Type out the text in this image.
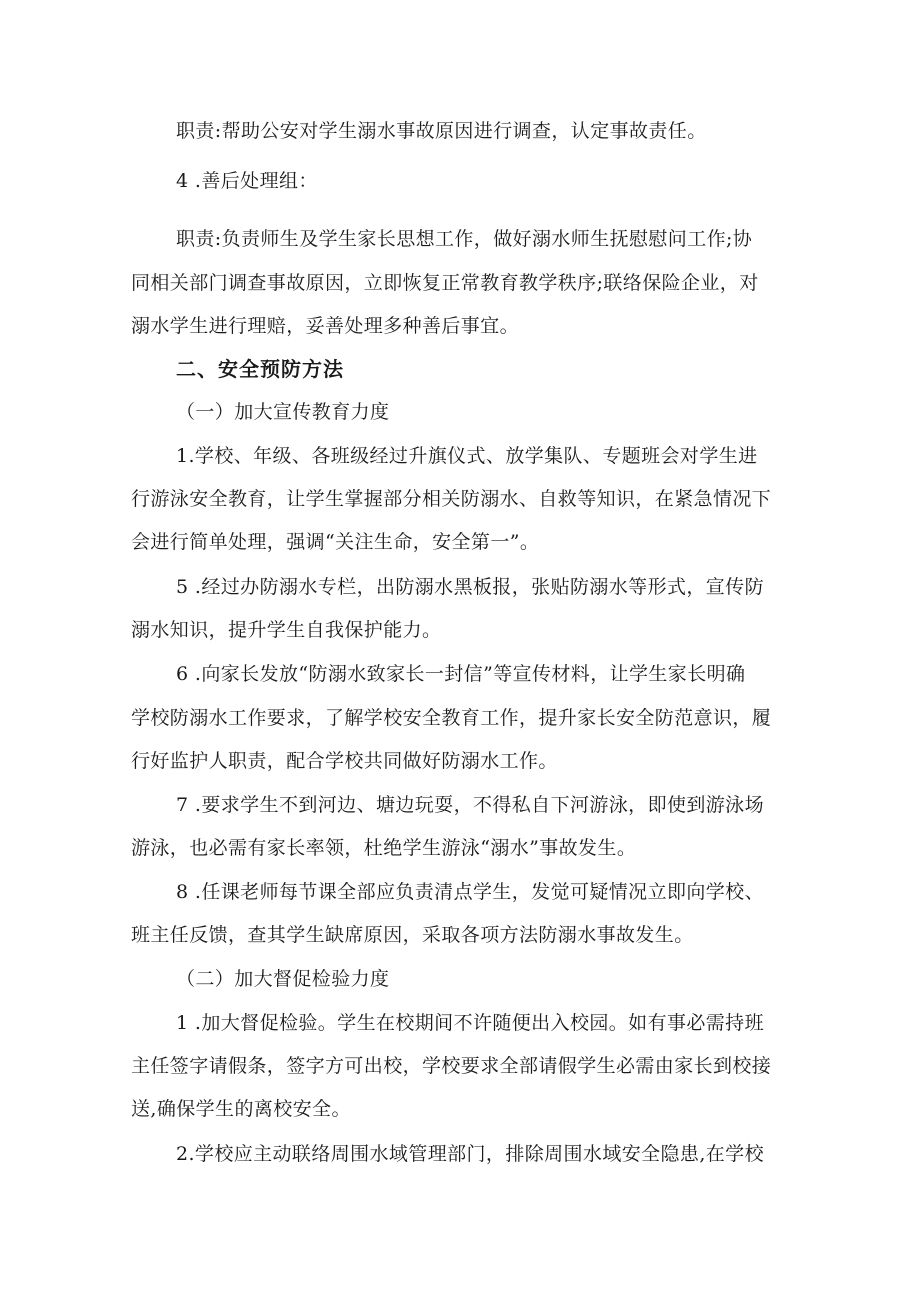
职责:帮助公安对学生溺水事故原因进行调查，认定事故责任。
4 .善后处理组：
职责:负责师生及学生家长思想工作，做好溺水师生抚慰慰问工作;协
同相关部门调查事故原因，立即恢复正常教育教学秩序;联络保险企业，对
溺水学生进行理赔，妥善处理多种善后事宜。
二、安全预防方法
（一）加大宣传教育力度
1.学校、年级、各班级经过升旗仪式、放学集队、专题班会对学生进
行游泳安全教育，让学生掌握部分相关防溺水、自救等知识，在紧急情况下
会进行简单处理，强调“关注生命，安全第一”。
5 .经过办防溺水专栏，出防溺水黑板报，张贴防溺水等形式，宣传防
溺水知识，提升学生自我保护能力。
6 .向家长发放“防溺水致家长一封信”等宣传材料，让学生家长明确
学校防溺水工作要求，了解学校安全教育工作，提升家长安全防范意识，履
行好监护人职责，配合学校共同做好防溺水工作。
7 .要求学生不到河边、塘边玩耍，不得私自下河游泳，即使到游泳场
游泳，也必需有家长率领，杜绝学生游泳“溺水”事故发生。
8 .任课老师每节课全部应负责清点学生，发觉可疑情况立即向学校、
班主任反馈，查其学生缺席原因，采取各项方法防溺水事故发生。
（二）加大督促检验力度
1 .加大督促检验。学生在校期间不许随便出入校园。如有事必需持班
主任签字请假条，签字方可出校，学校要求全部请假学生必需由家长到校接
送,确保学生的离校安全。
2.学校应主动联络周围水域管理部门，排除周围水域安全隐患,在学校
